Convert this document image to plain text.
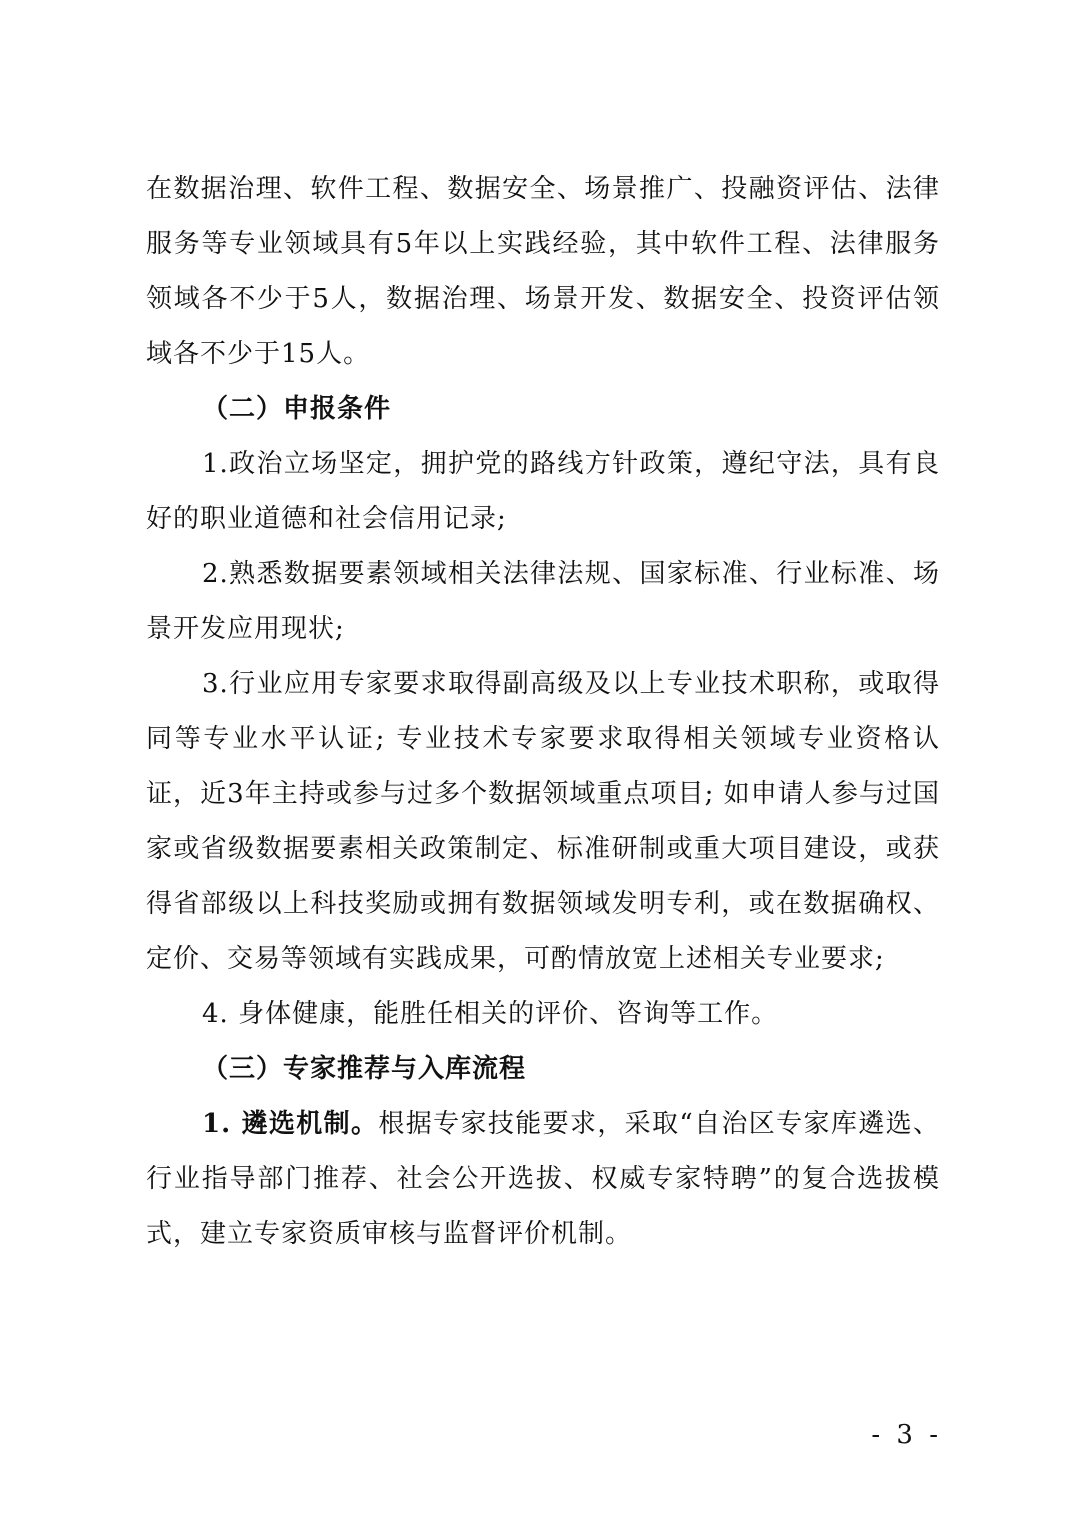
在数据治理、软件工程、数据安全、场景推广、投融资评估、法律服务等专业领域具有5年以上实践经验，其中软件工程、法律服务领域各不少于5人，数据治理、场景开发、数据安全、投资评估领域各不少于15人。

（二）申报条件

1.政治立场坚定，拥护党的路线方针政策，遵纪守法，具有良好的职业道德和社会信用记录;

2.熟悉数据要素领域相关法律法规、国家标准、行业标准、场景开发应用现状;

3.行业应用专家要求取得副高级及以上专业技术职称，或取得同等专业水平认证; 专业技术专家要求取得相关领域专业资格认证，近3年主持或参与过多个数据领域重点项目; 如申请人参与过国家或省级数据要素相关政策制定、标准研制或重大项目建设，或获得省部级以上科技奖励或拥有数据领域发明专利，或在数据确权、定价、交易等领域有实践成果，可酌情放宽上述相关专业要求;

4. 身体健康，能胜任相关的评价、咨询等工作。

（三）专家推荐与入库流程

1. 遴选机制。根据专家技能要求，采取“自治区专家库遴选、行业指导部门推荐、社会公开选拔、权威专家特聘”的复合选拔模式，建立专家资质审核与监督评价机制。

- 3 -
